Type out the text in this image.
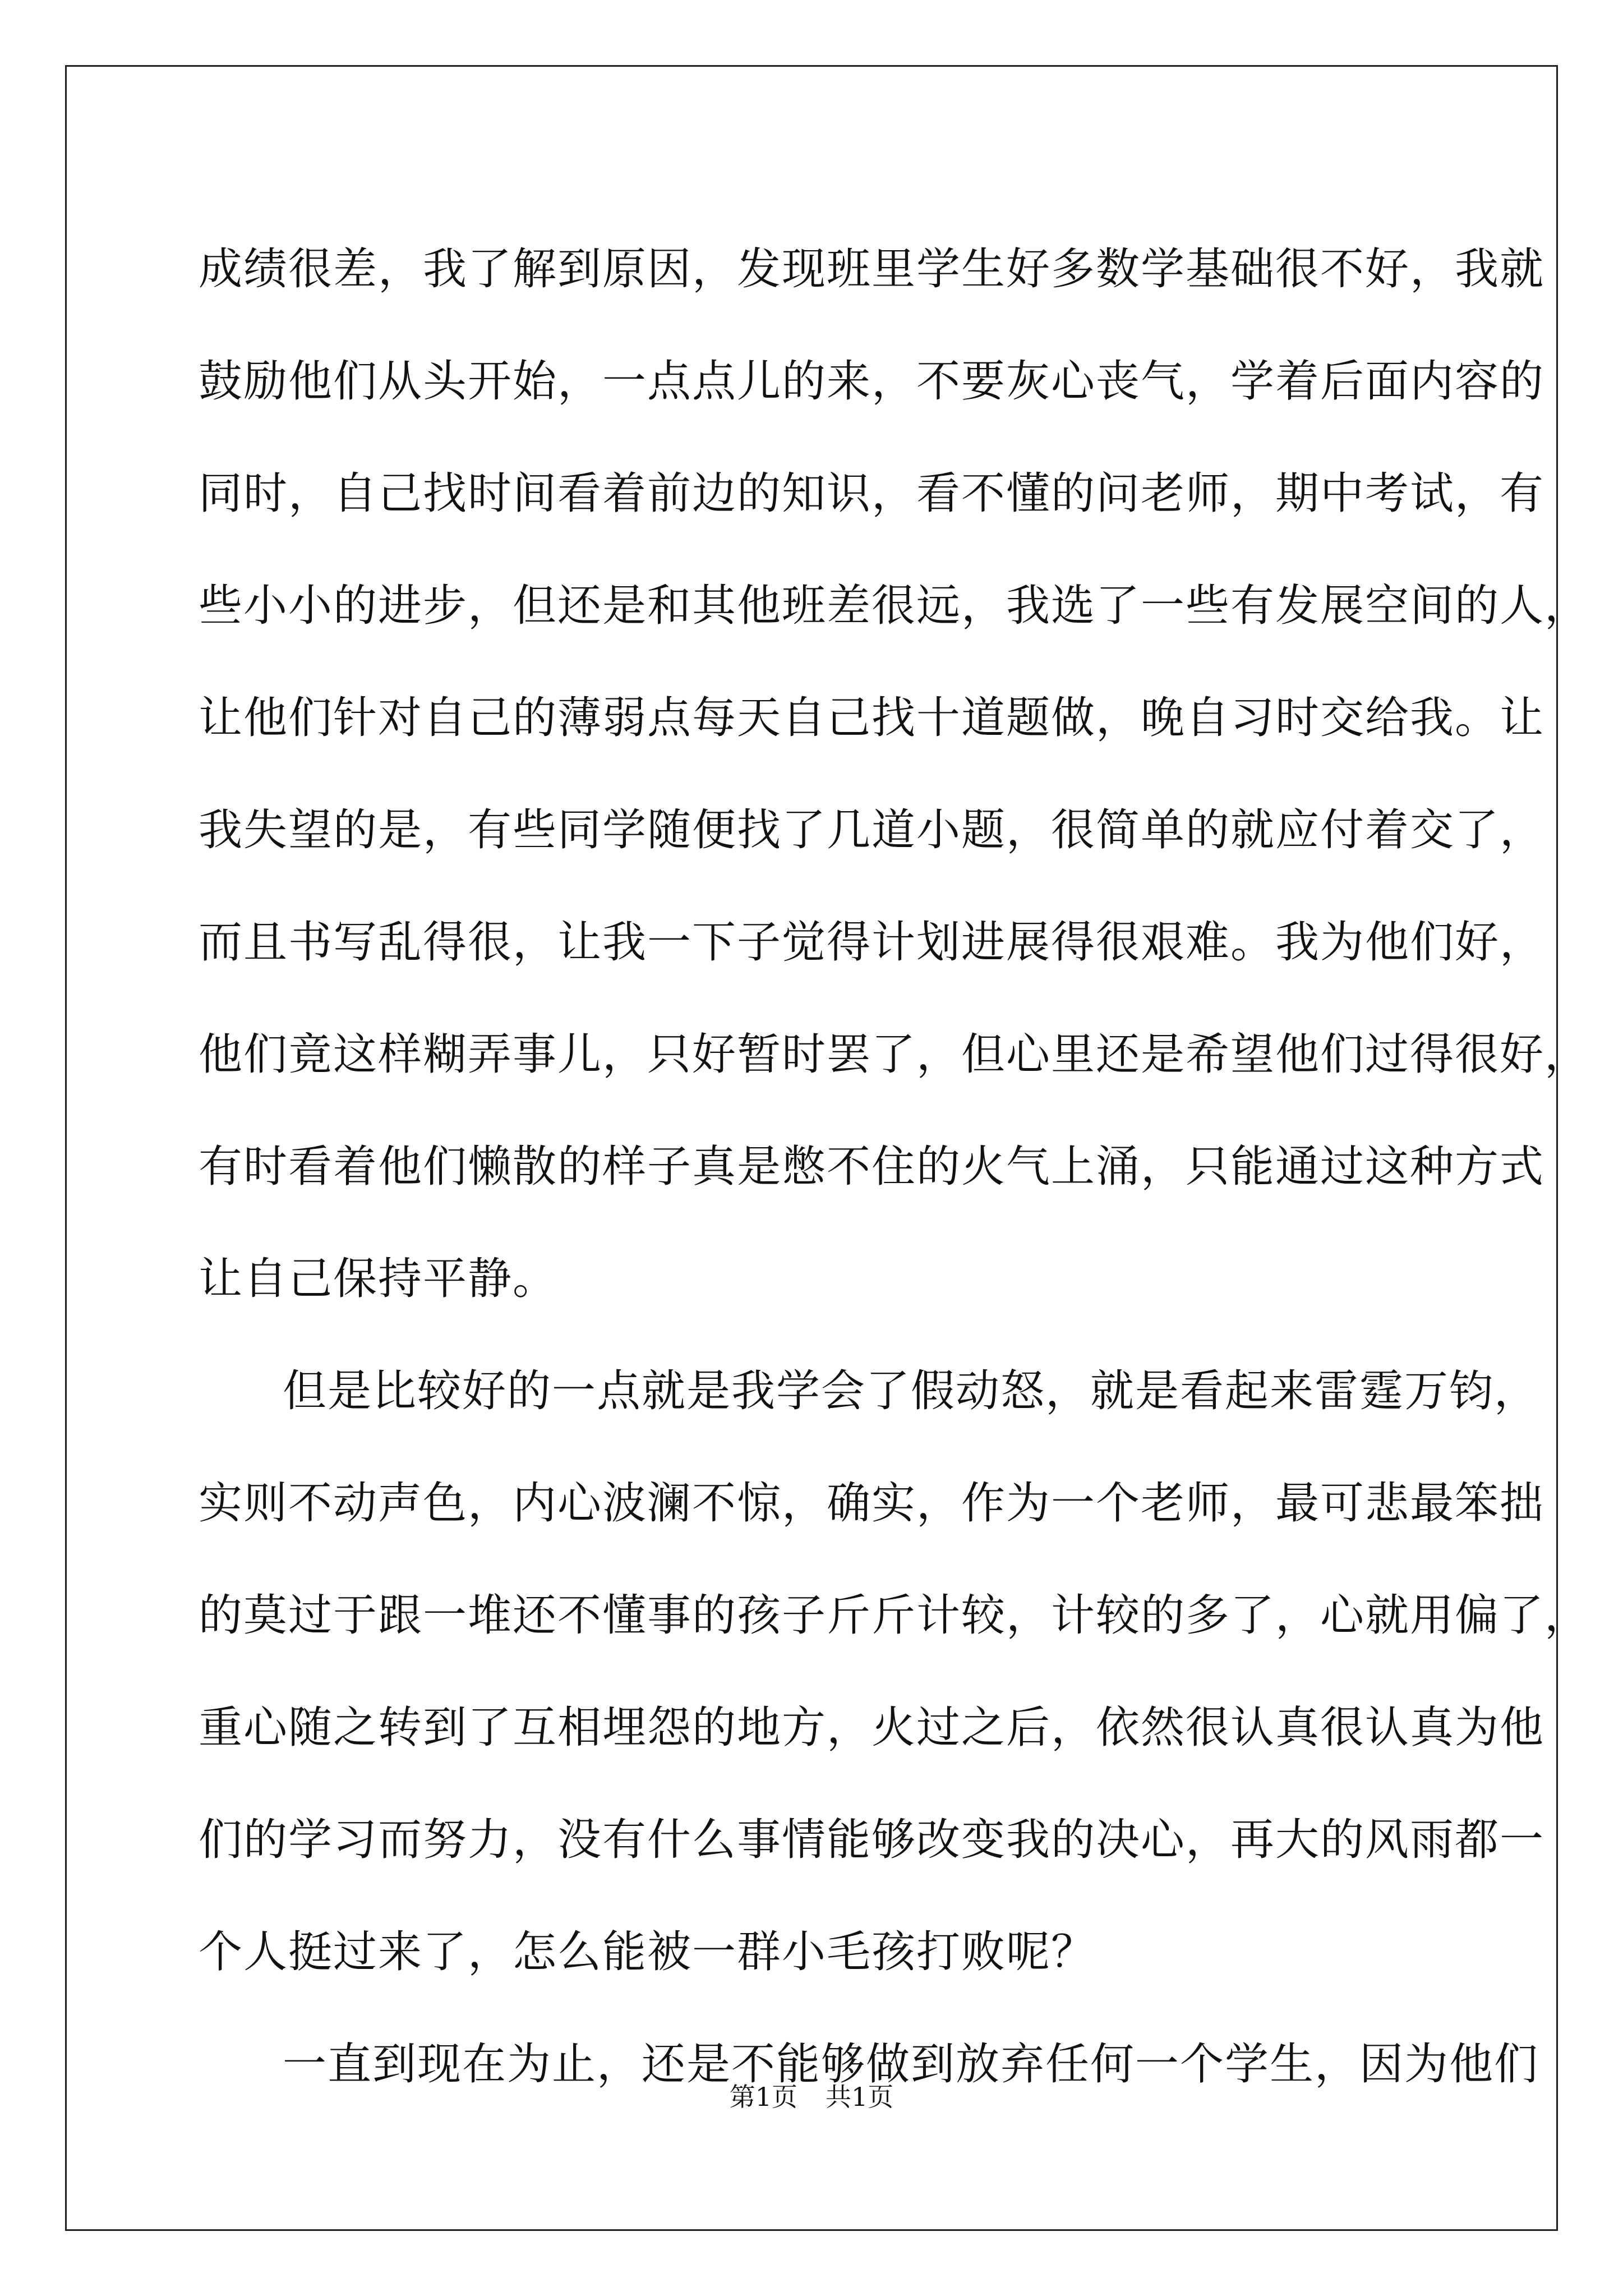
成绩很差，我了解到原因，发现班里学生好多数学基础很不好，我就
鼓励他们从头开始，一点点儿的来，不要灰心丧气，学着后面内容的
同时，自己找时间看着前边的知识，看不懂的问老师，期中考试，有
些小小的进步，但还是和其他班差很远，我选了一些有发展空间的人，
让他们针对自己的薄弱点每天自己找十道题做，晚自习时交给我。让
我失望的是，有些同学随便找了几道小题，很简单的就应付着交了，
而且书写乱得很，让我一下子觉得计划进展得很艰难。我为他们好，
他们竟这样糊弄事儿，只好暂时罢了，但心里还是希望他们过得很好，
有时看着他们懒散的样子真是憋不住的火气上涌，只能通过这种方式
让自己保持平静。
但是比较好的一点就是我学会了假动怒，就是看起来雷霆万钧，
实则不动声色，内心波澜不惊，确实，作为一个老师，最可悲最笨拙
的莫过于跟一堆还不懂事的孩子斤斤计较，计较的多了，心就用偏了，
重心随之转到了互相埋怨的地方，火过之后，依然很认真很认真为他
们的学习而努力，没有什么事情能够改变我的决心，再大的风雨都一
个人挺过来了，怎么能被一群小毛孩打败呢？
一直到现在为止，还是不能够做到放弃任何一个学生，因为他们
第1页 共1页
